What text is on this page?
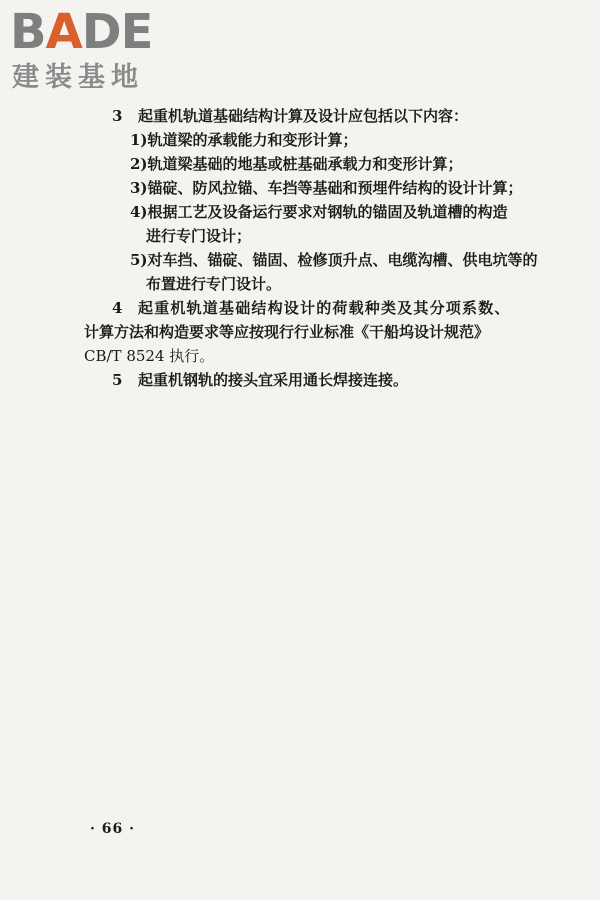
BADE
建装基地
3 起重机轨道基础结构计算及设计应包括以下内容：
1)轨道梁的承载能力和变形计算；
2)轨道梁基础的地基或桩基础承载力和变形计算；
3)锚碇、防风拉锚、车挡等基础和预埋件结构的设计计算；
4)根据工艺及设备运行要求对钢轨的锚固及轨道槽的构造
进行专门设计；
5)对车挡、锚碇、锚固、检修顶升点、电缆沟槽、供电坑等的
布置进行专门设计。
4 起重机轨道基础结构设计的荷载种类及其分项系数、
计算方法和构造要求等应按现行行业标准《干船坞设计规范》
CB/T 8524 执行。
5 起重机钢轨的接头宜采用通长焊接连接。
· 66 ·
